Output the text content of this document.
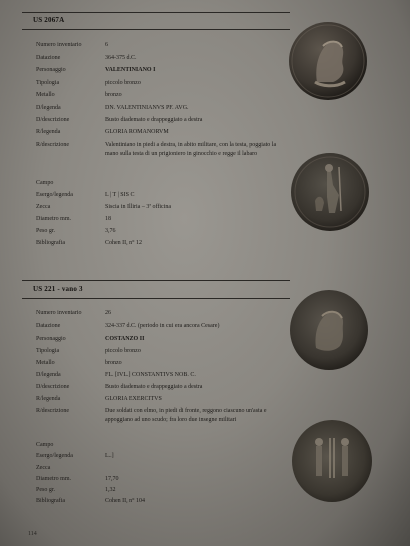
US 2067A
Numero inventario	6
Datazione	364-375 d.C.
Personaggio	VALENTINIANO I
Tipologia	piccolo bronzo
Metallo	bronzo
D/legenda	DN. VALENTINIANVS PF. AVG.
D/descrizione	Busto diademato e drappeggiato a destra
R/legenda	GLORIA ROMANORVM
R/descrizione	Valentiniano in piedi a destra, in abito militare, con la testa, poggiato la mano sulla testa di un prigioniero in ginocchio e regge il labaro
Campo
Esergo/legenda	L | T | SIS C
Zecca	Siscia in Illiria – 3ª officina
Diametro mm.	18
Peso gr.	3,76
Bibliografia	Cohen II, n° 12
US 221 - vano 3
Numero inventario	26
Datazione	324-337 d.C. (periodo in cui era ancora Cesare)
Personaggio	COSTANZO II
Tipologia	piccolo bronzo
Metallo	bronzo
D/legenda	FL. [IVL.] CONSTANTIVS NOB. C.
D/descrizione	Busto diademato e drappeggiato a destra
R/legenda	GLORIA EXERCITVS
R/descrizione	Due soldati con elmo, in piedi di fronte, reggono ciascuno un'asta e appoggiano ad uno scudo; fra loro due insegne militari
Campo
Esergo/legenda	L..]
Zecca
Diametro mm.	17,70
Peso gr.	1,32
Bibliografia	Cohen II, n° 104
114
